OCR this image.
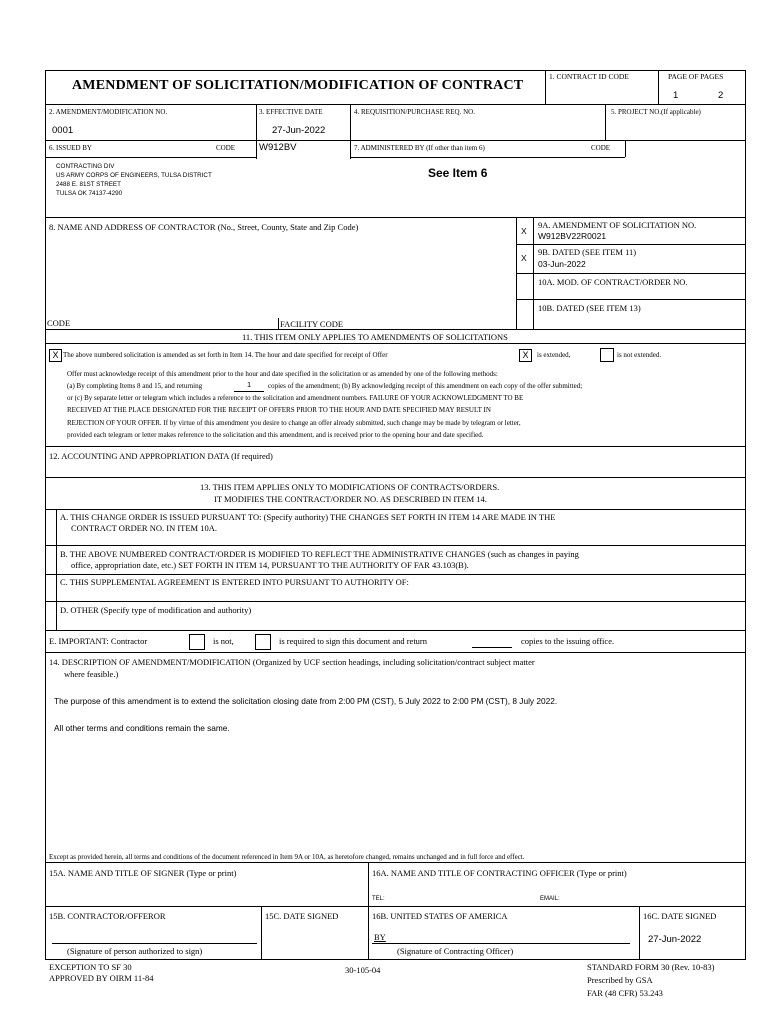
AMENDMENT OF SOLICITATION/MODIFICATION OF CONTRACT
1. CONTRACT ID CODE	PAGE OF PAGES
1	2
2. AMENDMENT/MODIFICATION NO.
0001
3. EFFECTIVE DATE
27-Jun-2022
4. REQUISITION/PURCHASE REQ. NO.	5. PROJECT NO.(If applicable)
6. ISSUED BY	CODE	W912BV	7. ADMINISTERED BY (If other than item 6)	CODE
CONTRACTING DIV
US ARMY CORPS OF ENGINEERS, TULSA DISTRICT
2488 E. 81ST STREET
TULSA OK 74137-4290
See Item 6
8. NAME AND ADDRESS OF CONTRACTOR (No., Street, County, State and Zip Code)
CODE	FACILITY CODE
X
9A. AMENDMENT OF SOLICITATION NO.
W912BV22R0021
X
9B. DATED (SEE ITEM 11)
03-Jun-2022
10A. MOD. OF CONTRACT/ORDER NO.
10B. DATED (SEE ITEM 13)
11. THIS ITEM ONLY APPLIES TO AMENDMENTS OF SOLICITATIONS
X The above numbered solicitation is amended as set forth in Item 14. The hour and date specified for receipt of Offer	X	is extended,	is not extended.
Offer must acknowledge receipt of this amendment prior to the hour and date specified in the solicitation or as amended by one of the following methods:
(a) By completing Items 8 and 15, and returning	1 copies of the amendment; (b) By acknowledging receipt of this amendment on each copy of the offer submitted;
or (c) By separate letter or telegram which includes a reference to the solicitation and amendment numbers. FAILURE OF YOUR ACKNOWLEDGMENT TO BE
RECEIVED AT THE PLACE DESIGNATED FOR THE RECEIPT OF OFFERS PRIOR TO THE HOUR AND DATE SPECIFIED MAY RESULT IN
REJECTION OF YOUR OFFER. If by virtue of this amendment you desire to change an offer already submitted, such change may be made by telegram or letter,
provided each telegram or letter makes reference to the solicitation and this amendment, and is received prior to the opening hour and date specified.
12. ACCOUNTING AND APPROPRIATION DATA (If required)
13. THIS ITEM APPLIES ONLY TO MODIFICATIONS OF CONTRACTS/ORDERS.
IT MODIFIES THE CONTRACT/ORDER NO. AS DESCRIBED IN ITEM 14.
A. THIS CHANGE ORDER IS ISSUED PURSUANT TO: (Specify authority) THE CHANGES SET FORTH IN ITEM 14 ARE MADE IN THE
CONTRACT ORDER NO. IN ITEM 10A.
B. THE ABOVE NUMBERED CONTRACT/ORDER IS MODIFIED TO REFLECT THE ADMINISTRATIVE CHANGES (such as changes in paying
office, appropriation date, etc.) SET FORTH IN ITEM 14, PURSUANT TO THE AUTHORITY OF FAR 43.103(B).
C. THIS SUPPLEMENTAL AGREEMENT IS ENTERED INTO PURSUANT TO AUTHORITY OF:
D. OTHER (Specify type of modification and authority)
E. IMPORTANT: Contractor	is not,	is required to sign this document and return	copies to the issuing office.
14. DESCRIPTION OF AMENDMENT/MODIFICATION (Organized by UCF section headings, including solicitation/contract subject matter
where feasible.)
The purpose of this amendment is to extend the solicitation closing date from 2:00 PM (CST), 5 July 2022 to 2:00 PM (CST), 8 July 2022.
All other terms and conditions remain the same.
Except as provided herein, all terms and conditions of the document referenced in Item 9A or 10A, as heretofore changed, remains unchanged and in full force and effect.
15A. NAME AND TITLE OF SIGNER (Type or print)	16A. NAME AND TITLE OF CONTRACTING OFFICER (Type or print)
TEL:	EMAIL:
15B. CONTRACTOR/OFFEROR
(Signature of person authorized to sign)
15C. DATE SIGNED	16B. UNITED STATES OF AMERICA
BY
(Signature of Contracting Officer)
16C. DATE SIGNED
27-Jun-2022
EXCEPTION TO SF 30
APPROVED BY OIRM 11-84
30-105-04	STANDARD FORM 30 (Rev. 10-83)
Prescribed by GSA
FAR (48 CFR) 53.243
